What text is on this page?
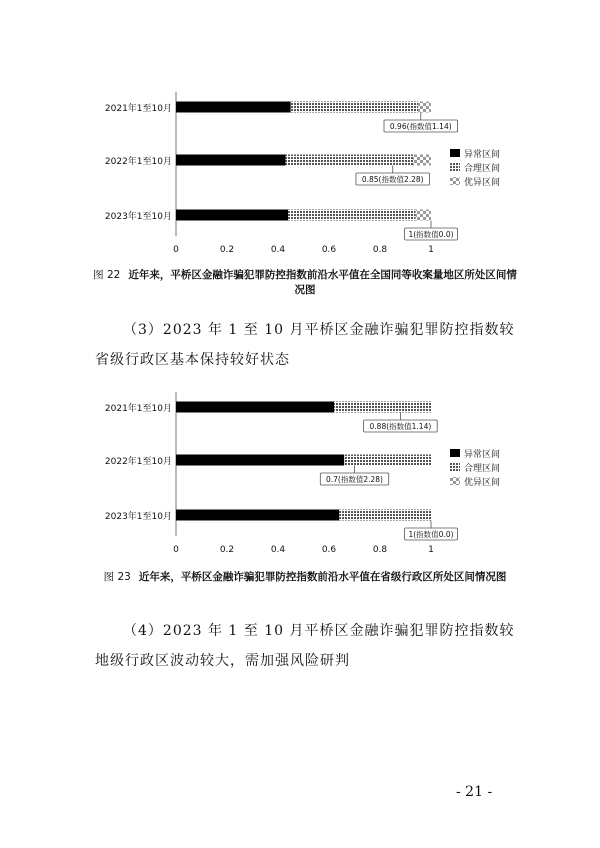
2021年1至10月
0.96(指数值1.14)
2022年1至10月
0.85(指数值2.28)
2023年1至10月
1(指数值0.0)
0	0.2	0.4	0.6	0.8	1
异常区间
合理区间
优异区间
图 22 近年来，平桥区金融诈骗犯罪防控指数前沿水平值在全国同等收案量地区所处区间情况图
（3）2023 年 1 至 10 月平桥区金融诈骗犯罪防控指数较省级行政区基本保持较好状态
2021年1至10月
0.88(指数值1.14)
2022年1至10月
0.7(指数值2.28)
2023年1至10月
1(指数值0.0)
0	0.2	0.4	0.6	0.8	1
异常区间
合理区间
优异区间
图 23 近年来，平桥区金融诈骗犯罪防控指数前沿水平值在省级行政区所处区间情况图
（4）2023 年 1 至 10 月平桥区金融诈骗犯罪防控指数较地级行政区波动较大，需加强风险研判
- 21 -
